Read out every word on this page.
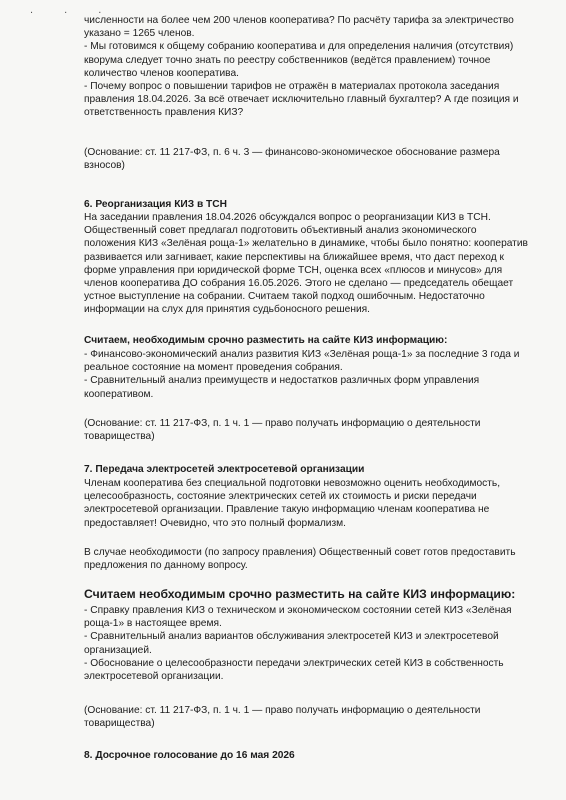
. . .
численности на более чем 200 членов кооператива? По расчёту тарифа за электричество
указано = 1265 членов.
- Мы готовимся к общему собранию кооператива и для определения наличия (отсутствия)
кворума следует точно знать по реестру собственников (ведётся правлением) точное
количество членов кооператива.
- Почему вопрос о повышении тарифов не отражён в материалах протокола заседания
правления 18.04.2026. За всё отвечает исключительно главный бухгалтер? А где позиция и
ответственность правления КИЗ?
(Основание: ст. 11 217-ФЗ, п. 6 ч. 3 — финансово-экономическое обоснование размера
взносов)
6. Реорганизация КИЗ в ТСН
На заседании правления 18.04.2026 обсуждался вопрос о реорганизации КИЗ в ТСН.
Общественный совет предлагал подготовить объективный анализ экономического
положения КИЗ «Зелёная роща-1» желательно в динамике, чтобы было понятно: кооператив
развивается или загнивает, какие перспективы на ближайшее время, что даст переход к
форме управления при юридической форме ТСН, оценка всех «плюсов и минусов» для
членов кооператива ДО собрания 16.05.2026. Этого не сделано — председатель обещает
устное выступление на собрании. Считаем такой подход ошибочным. Недостаточно
информации на слух для принятия судьбоносного решения.
Считаем, необходимым срочно разместить на сайте КИЗ информацию:
- Финансово-экономический анализ развития КИЗ «Зелёная роща-1» за последние 3 года и
реальное состояние на момент проведения собрания.
- Сравнительный анализ преимуществ и недостатков различных форм управления
кооперативом.
(Основание: ст. 11 217-ФЗ, п. 1 ч. 1 — право получать информацию о деятельности
товарищества)
7. Передача электросетей электросетевой организации
Членам кооператива без специальной подготовки невозможно оценить необходимость,
целесообразность, состояние электрических сетей их стоимость и риски передачи
электросетевой организации. Правление такую информацию членам кооператива не
предоставляет! Очевидно, что это полный формализм.
В случае необходимости (по запросу правления) Общественный совет готов предоставить
предложения по данному вопросу.
Считаем необходимым срочно разместить на сайте КИЗ информацию:
- Справку правления КИЗ о техническом и экономическом состоянии сетей КИЗ «Зелёная
роща-1» в настоящее время.
- Сравнительный анализ вариантов обслуживания электросетей КИЗ и электросетевой
организацией.
- Обоснование о целесообразности передачи электрических сетей КИЗ в собственность
электросетевой организации.
(Основание: ст. 11 217-ФЗ, п. 1 ч. 1 — право получать информацию о деятельности
товарищества)
8. Досрочное голосование до 16 мая 2026
